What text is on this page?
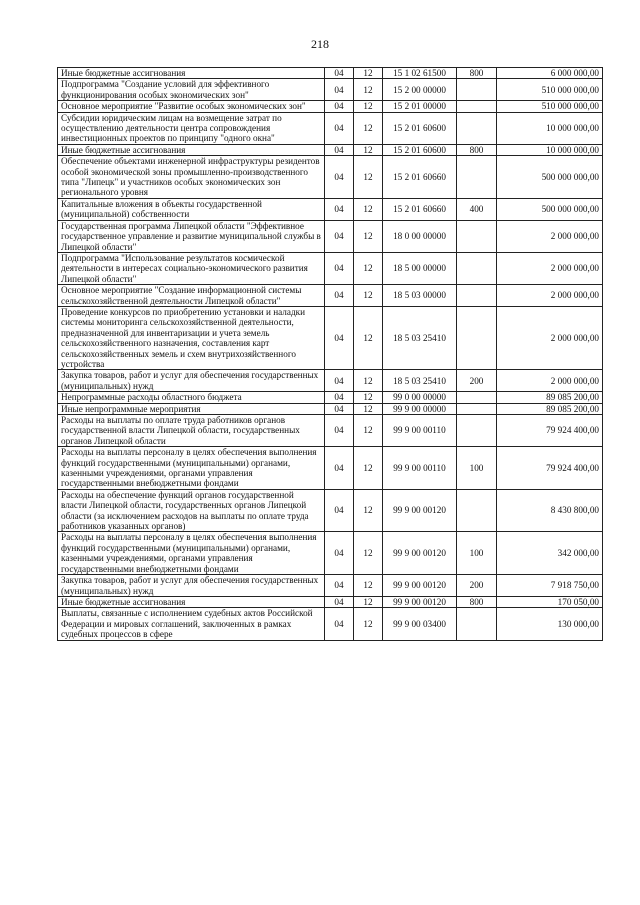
218
Иные бюджетные ассигнования	04	12	15 1 02 61500	800	6 000 000,00
Подпрограмма "Создание условий для эффективного функционирования особых экономических зон"	04	12	15 2 00 00000		510 000 000,00
Основное мероприятие "Развитие особых экономических зон"	04	12	15 2 01 00000		510 000 000,00
Субсидии юридическим лицам на возмещение затрат по осуществлению деятельности центра сопровождения инвестиционных проектов по принципу "одного окна"	04	12	15 2 01 60600		10 000 000,00
Иные бюджетные ассигнования	04	12	15 2 01 60600	800	10 000 000,00
Обеспечение объектами инженерной инфраструктуры резидентов особой экономической зоны промышленно-производственного типа "Липецк" и участников особых экономических зон регионального уровня	04	12	15 2 01 60660		500 000 000,00
Капитальные вложения в объекты государственной (муниципальной) собственности	04	12	15 2 01 60660	400	500 000 000,00
Государственная программа Липецкой области "Эффективное государственное управление и развитие муниципальной службы в Липецкой области"	04	12	18 0 00 00000		2 000 000,00
Подпрограмма "Использование результатов космической деятельности в интересах социально-экономического развития Липецкой области"	04	12	18 5 00 00000		2 000 000,00
Основное мероприятие "Создание информационной системы сельскохозяйственной деятельности Липецкой области"	04	12	18 5 03 00000		2 000 000,00
Проведение конкурсов по приобретению установки и наладки системы мониторинга сельскохозяйственной деятельности, предназначенной для инвентаризации и учета земель сельскохозяйственного назначения, составления карт сельскохозяйственных земель и схем внутрихозяйственного устройства	04	12	18 5 03 25410		2 000 000,00
Закупка товаров, работ и услуг для обеспечения государственных (муниципальных) нужд	04	12	18 5 03 25410	200	2 000 000,00
Непрограммные расходы областного бюджета	04	12	99 0 00 00000		89 085 200,00
Иные непрограммные мероприятия	04	12	99 9 00 00000		89 085 200,00
Расходы на выплаты по оплате труда работников органов государственной власти Липецкой области, государственных органов Липецкой области	04	12	99 9 00 00110		79 924 400,00
Расходы на выплаты персоналу в целях обеспечения выполнения функций государственными (муниципальными) органами, казенными учреждениями, органами управления государственными внебюджетными фондами	04	12	99 9 00 00110	100	79 924 400,00
Расходы на обеспечение функций органов государственной власти Липецкой области, государственных органов Липецкой области (за исключением расходов на выплаты по оплате труда работников указанных органов)	04	12	99 9 00 00120		8 430 800,00
Расходы на выплаты персоналу в целях обеспечения выполнения функций государственными (муниципальными) органами, казенными учреждениями, органами управления государственными внебюджетными фондами	04	12	99 9 00 00120	100	342 000,00
Закупка товаров, работ и услуг для обеспечения государственных (муниципальных) нужд	04	12	99 9 00 00120	200	7 918 750,00
Иные бюджетные ассигнования	04	12	99 9 00 00120	800	170 050,00
Выплаты, связанные с исполнением судебных актов Российской Федерации и мировых соглашений, заключенных в рамках судебных процессов в сфере	04	12	99 9 00 03400		130 000,00
